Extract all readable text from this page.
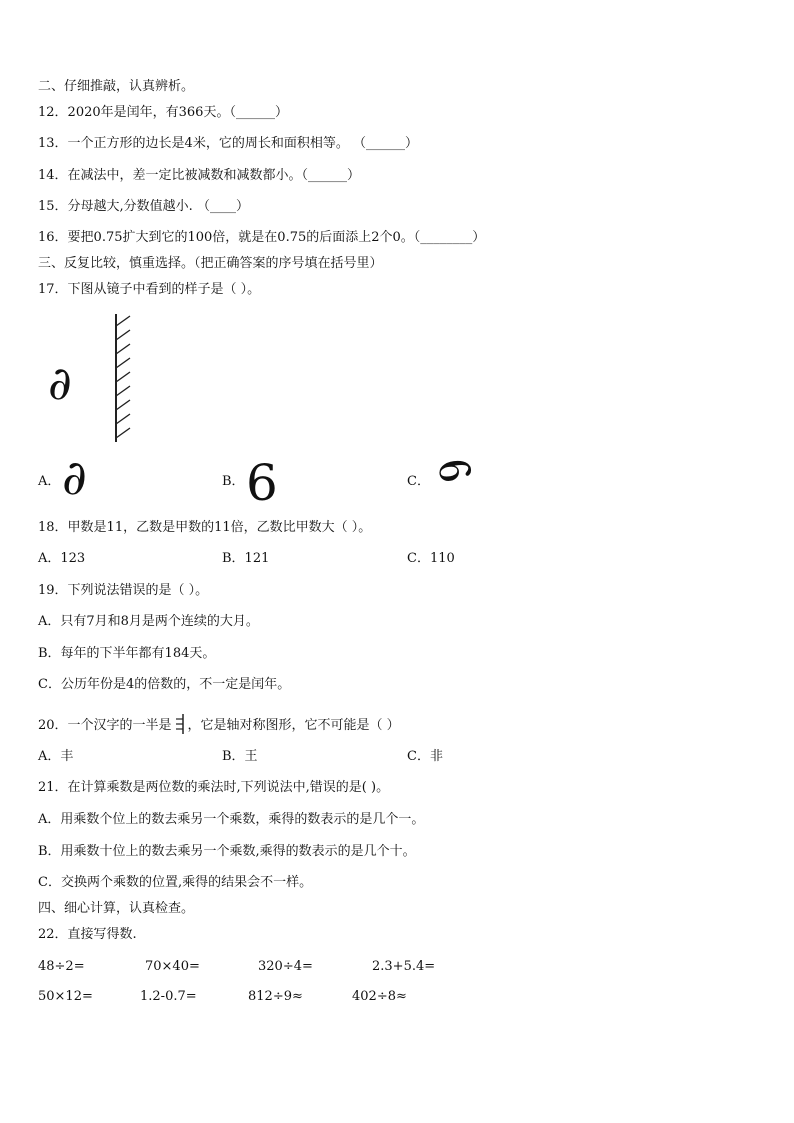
二、仔细推敲，认真辨析。
12．2020年是闰年，有366天。（______）
13．一个正方形的边长是4米，它的周长和面积相等。 （______）
14．在减法中，差一定比被减数和减数都小。（______）
15．分母越大,分数值越小. （____）
16．要把0.75扩大到它的100倍，就是在0.75的后面添上2个0。（________）
三、反复比较，慎重选择。（把正确答案的序号填在括号里）
17．下图从镜子中看到的样子是（ ）。
∂
A． ∂	B． 6	C．
∂
18．甲数是11，乙数是甲数的11倍，乙数比甲数大（ ）。
A．123	B．121	C．110
19．下列说法错误的是（ ）。
A．只有7月和8月是两个连续的大月。
B．每年的下半年都有184天。
C．公历年份是4的倍数的，不一定是闰年。
20．一个汉字的一半是 ，它是轴对称图形，它不可能是（ ）
A．丰	B．王	C．非
21．在计算乘数是两位数的乘法时,下列说法中,错误的是( )。
A．用乘数个位上的数去乘另一个乘数，乘得的数表示的是几个一。
B．用乘数十位上的数去乘另一个乘数,乘得的数表示的是几个十。
C．交换两个乘数的位置,乘得的结果会不一样。
四、细心计算，认真检查。
22．直接写得数.
48÷2=	70×40=	320÷4=	2.3+5.4=
50×12=	1.2-0.7=	812÷9≈	402÷8≈
